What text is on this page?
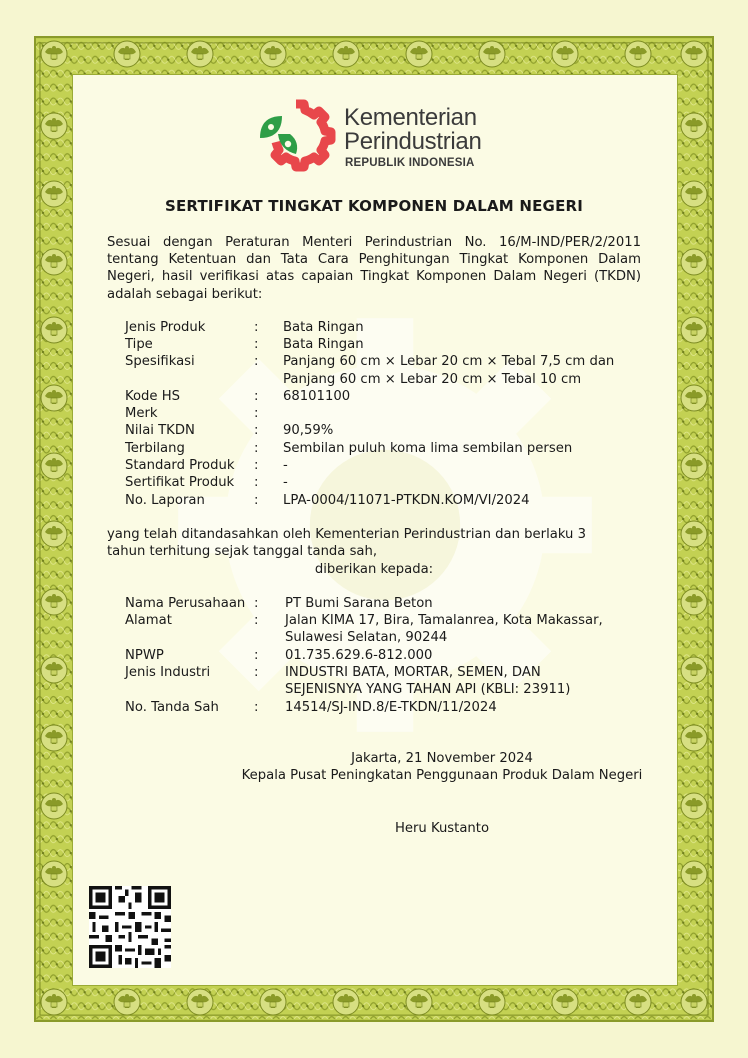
Kementerian
Perindustrian
REPUBLIK INDONESIA
SERTIFIKAT TINGKAT KOMPONEN DALAM NEGERI
Sesuai dengan Peraturan Menteri Perindustrian No. 16/M-IND/PER/2/2011 tentang Ketentuan dan Tata Cara Penghitungan Tingkat Komponen Dalam Negeri, hasil verifikasi atas capaian Tingkat Komponen Dalam Negeri (TKDN) adalah sebagai berikut:
Jenis Produk	: Bata Ringan
Tipe	: Bata Ringan
Spesifikasi	: Panjang 60 cm × Lebar 20 cm × Tebal 7,5 cm dan
Panjang 60 cm × Lebar 20 cm × Tebal 10 cm
Kode HS	: 68101100
Merk	:
Nilai TKDN	: 90,59%
Terbilang	: Sembilan puluh koma lima sembilan persen
Standard Produk : -
Sertifikat Produk : -
No. Laporan	: LPA-0004/11071-PTKDN.KOM/VI/2024
yang telah ditandasahkan oleh Kementerian Perindustrian dan berlaku 3
tahun terhitung sejak tanggal tanda sah,
diberikan kepada:
Nama Perusahaan : PT Bumi Sarana Beton
Alamat	: Jalan KIMA 17, Bira, Tamalanrea, Kota Makassar,
Sulawesi Selatan, 90244
NPWP	: 01.735.629.6-812.000
Jenis Industri	: INDUSTRI BATA, MORTAR, SEMEN, DAN
SEJENISNYA YANG TAHAN API (KBLI: 23911)
No. Tanda Sah	: 14514/SJ-IND.8/E-TKDN/11/2024
Jakarta, 21 November 2024
Kepala Pusat Peningkatan Penggunaan Produk Dalam Negeri
Heru Kustanto
